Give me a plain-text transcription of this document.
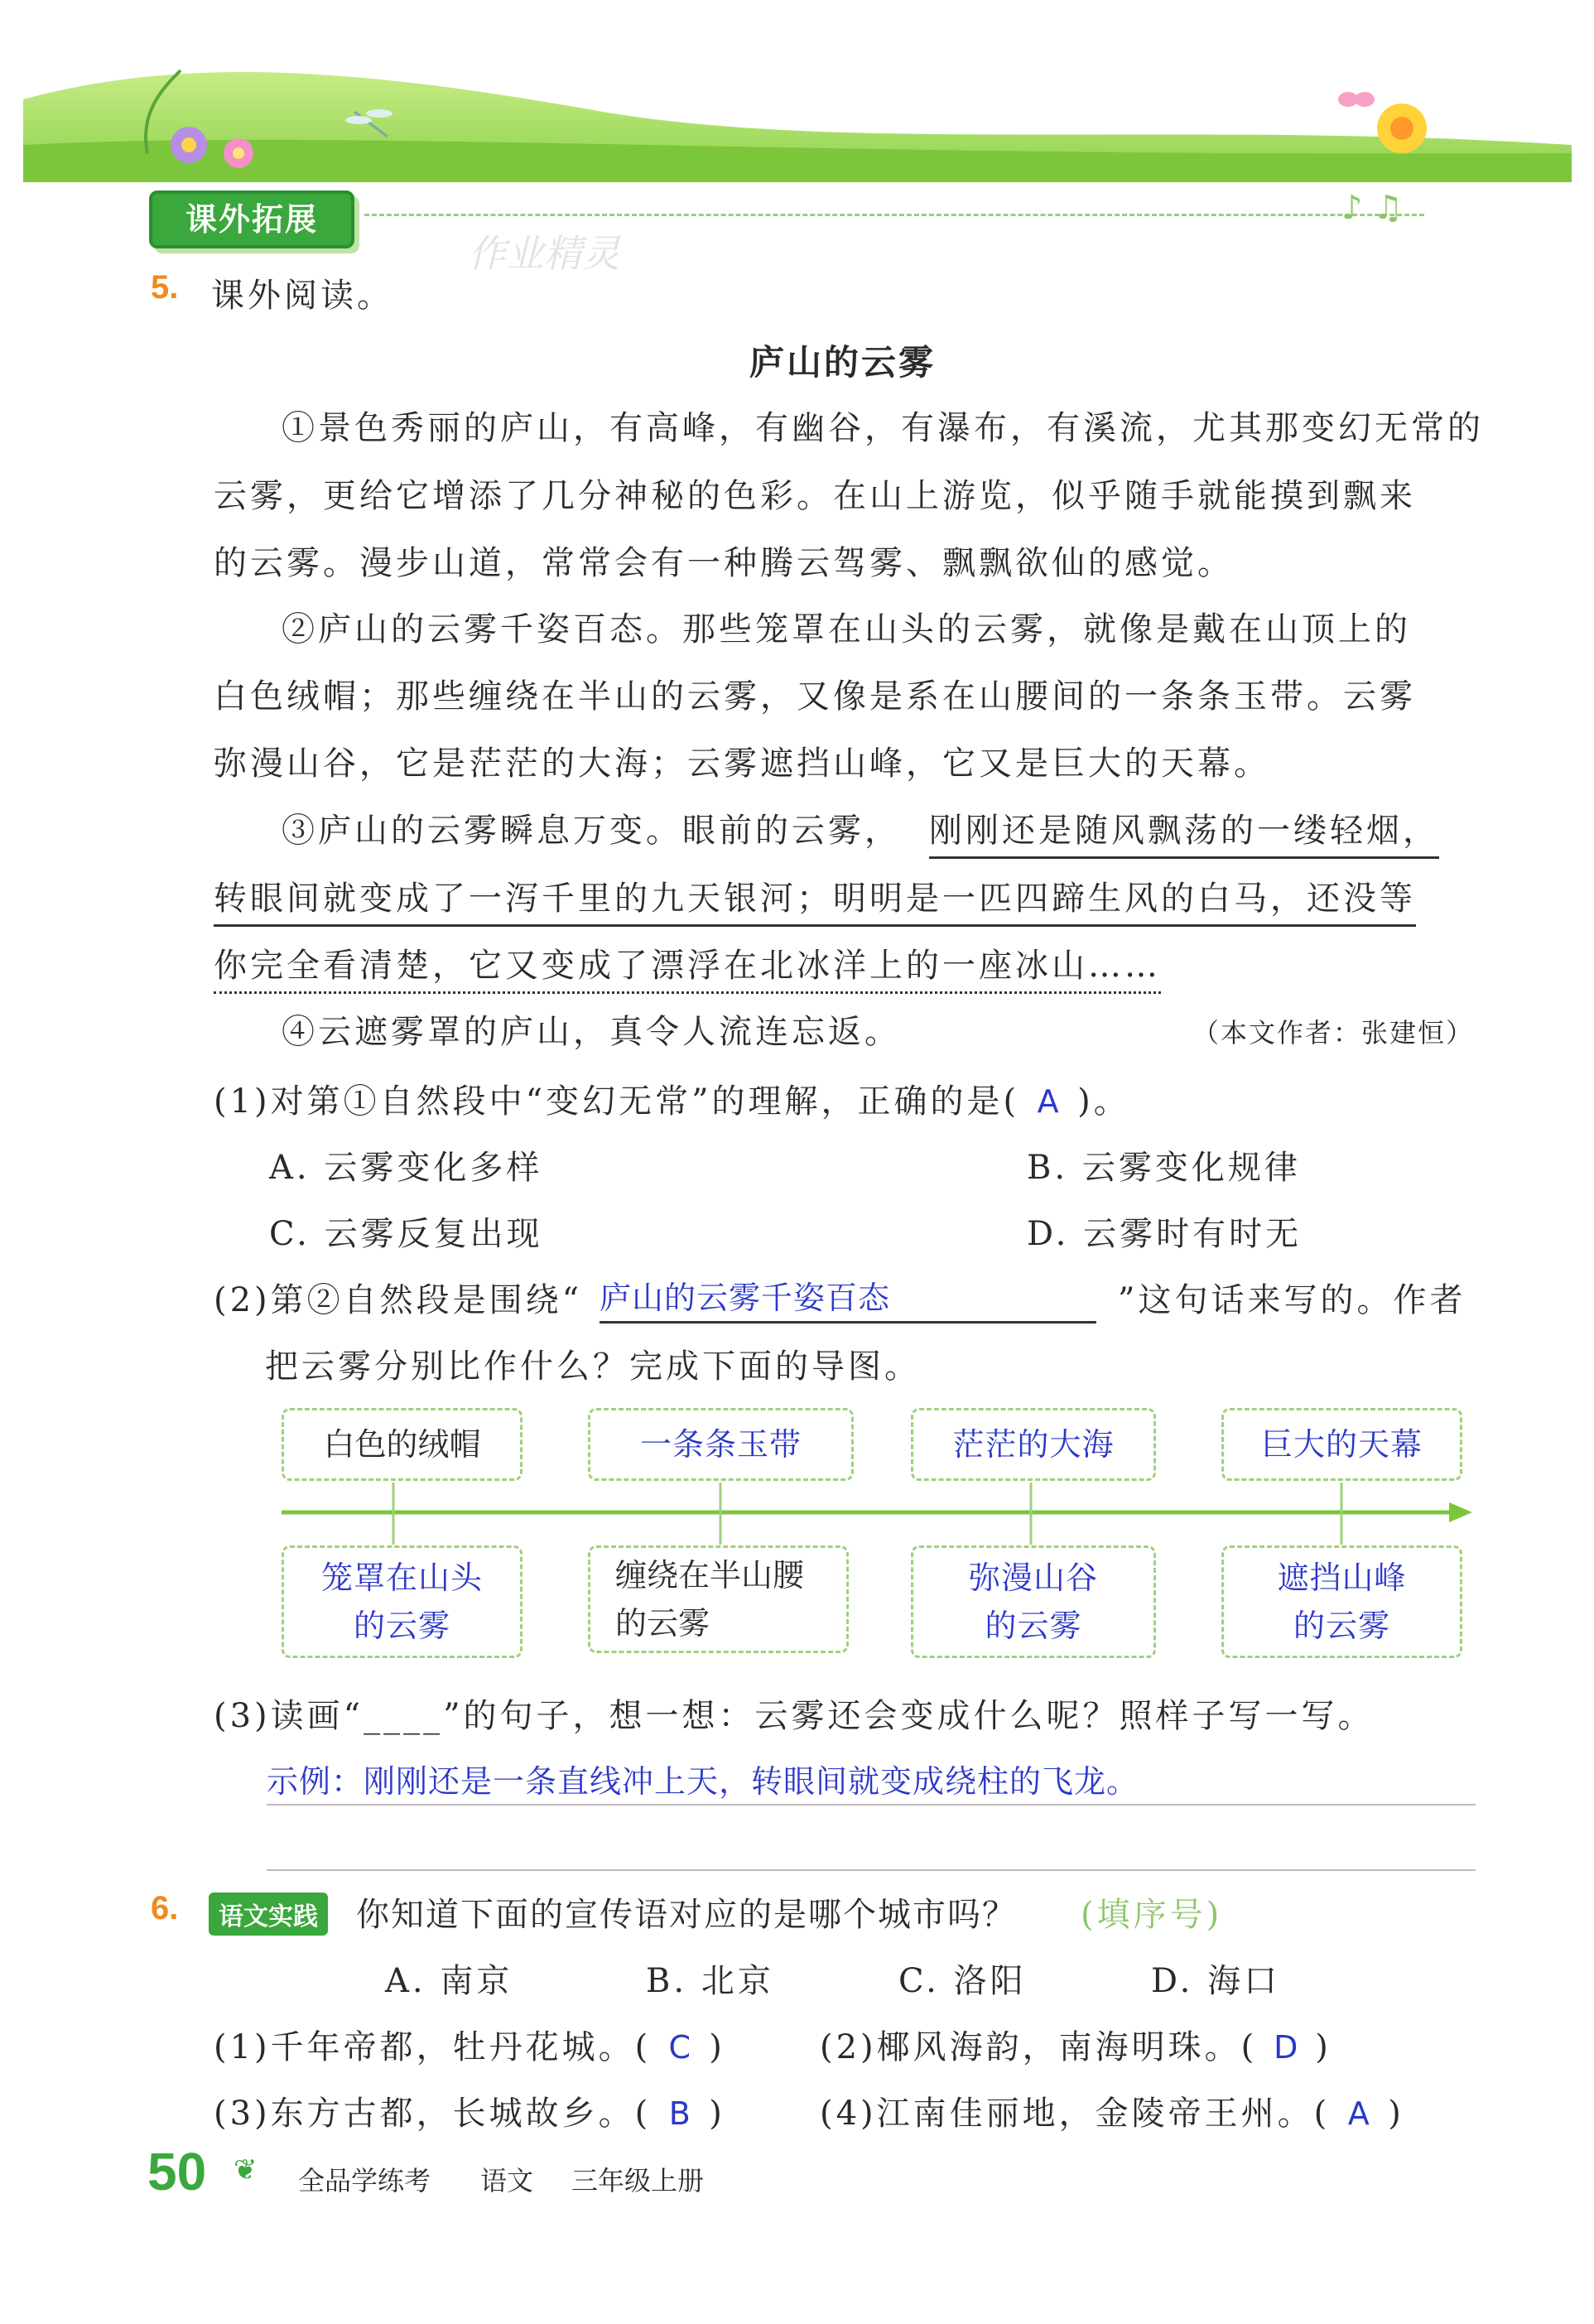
课外拓展	♪ ♫
作业精灵
5. 课外阅读。
庐山的云雾
①景色秀丽的庐山，有高峰，有幽谷，有瀑布，有溪流，尤其那变幻无常的
云雾，更给它增添了几分神秘的色彩。在山上游览，似乎随手就能摸到飘来
的云雾。漫步山道，常常会有一种腾云驾雾、飘飘欲仙的感觉。
②庐山的云雾千姿百态。那些笼罩在山头的云雾，就像是戴在山顶上的
白色绒帽；那些缠绕在半山的云雾，又像是系在山腰间的一条条玉带。云雾
弥漫山谷，它是茫茫的大海；云雾遮挡山峰，它又是巨大的天幕。
③庐山的云雾瞬息万变。眼前的云雾， 刚刚还是随风飘荡的一缕轻烟，
转眼间就变成了一泻千里的九天银河；明明是一匹四蹄生风的白马，还没等
你完全看清楚，它又变成了漂浮在北冰洋上的一座冰山……
④云遮雾罩的庐山，真令人流连忘返。	（本文作者：张建恒）
(1)对第①自然段中“变幻无常”的理解，正确的是( A )。
A. 云雾变化多样	B. 云雾变化规律
C. 云雾反复出现	D. 云雾时有时无
(2)第②自然段是围绕“ 庐山的云雾千姿百态	”这句话来写的。作者
把云雾分别比作什么？完成下面的导图。
白色的绒帽	一条条玉带	茫茫的大海	巨大的天幕
笼罩在山头
的云雾
缠绕在半山腰
的云雾
弥漫山谷
的云雾
遮挡山峰
的云雾
(3)读画“____”的句子，想一想：云雾还会变成什么呢？照样子写一写。
示例：刚刚还是一条直线冲上天，转眼间就变成绕柱的飞龙。
6.	语文实践	你知道下面的宣传语对应的是哪个城市吗？ (填序号)
A. 南京	B. 北京	C. 洛阳	D. 海口
(1)千年帝都，牡丹花城。( C )	(2)椰风海韵，南海明珠。( D )
(3)东方古都，长城故乡。( B )	(4)江南佳丽地，金陵帝王州。( A )
50 ❦ 全品学练考 语文 三年级上册
